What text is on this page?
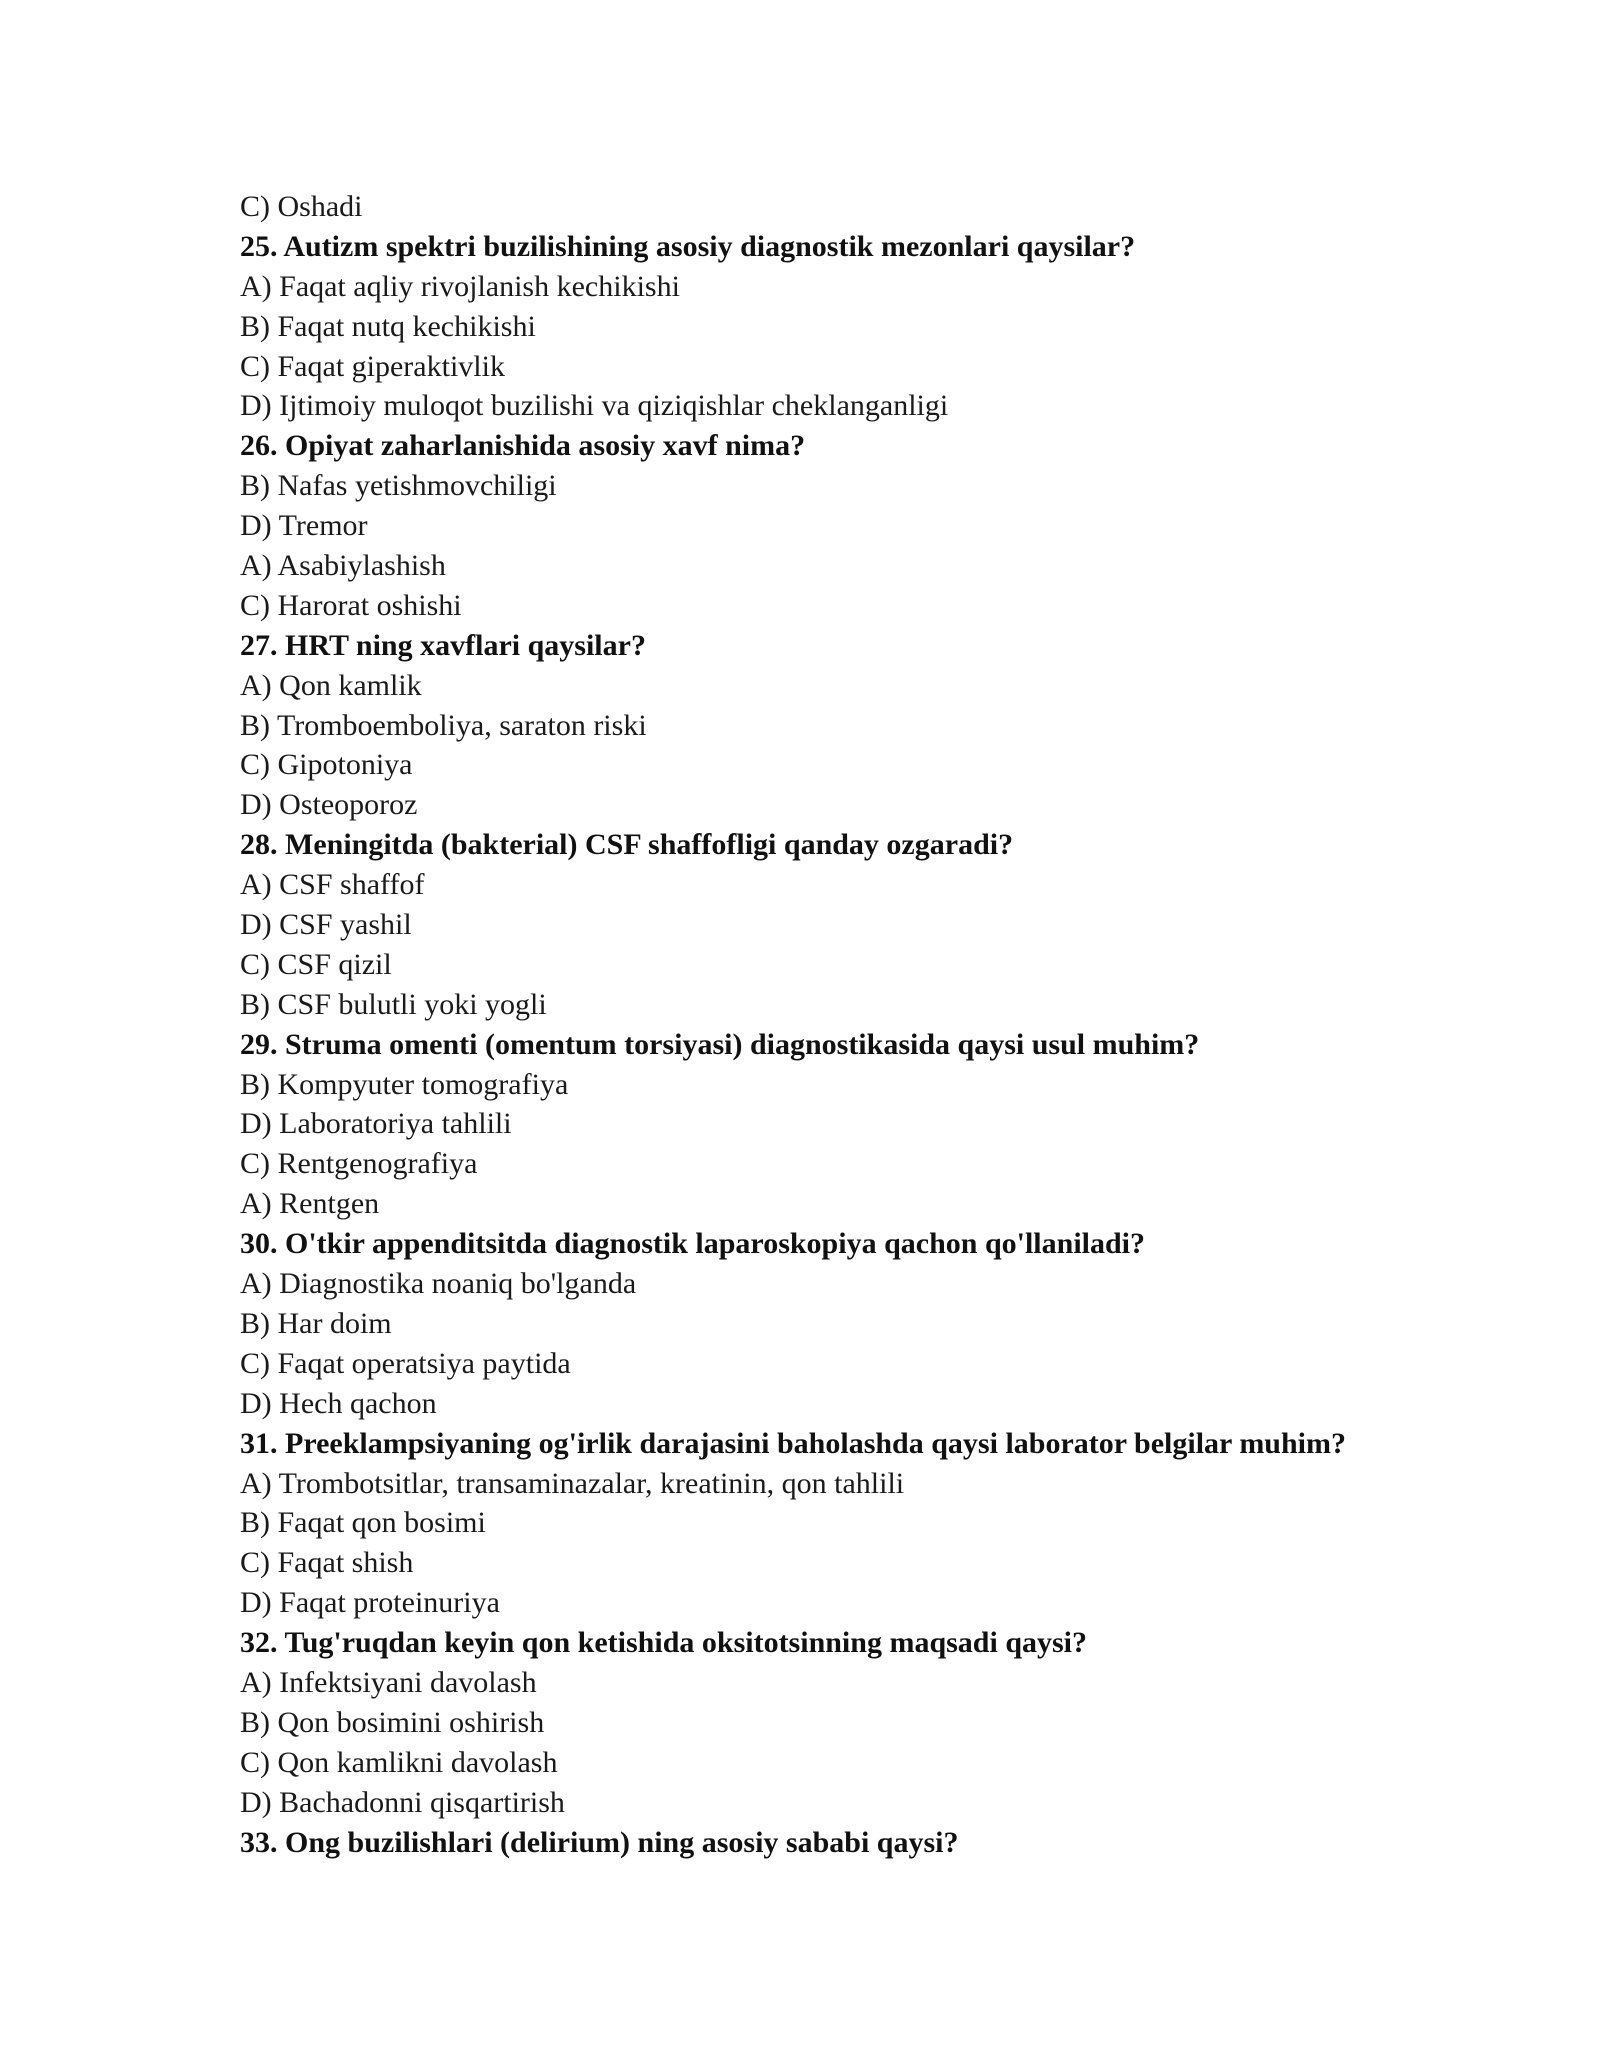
C) Oshadi
25. Autizm spektri buzilishining asosiy diagnostik mezonlari qaysilar?
A) Faqat aqliy rivojlanish kechikishi
B) Faqat nutq kechikishi
C) Faqat giperaktivlik
D) Ijtimoiy muloqot buzilishi va qiziqishlar cheklanganligi
26. Opiyat zaharlanishida asosiy xavf nima?
B) Nafas yetishmovchiligi
D) Tremor
A) Asabiylashish
C) Harorat oshishi
27. HRT ning xavflari qaysilar?
A) Qon kamlik
B) Tromboemboliya, saraton riski
C) Gipotoniya
D) Osteoporoz
28. Meningitda (bakterial) CSF shaffofligi qanday ozgaradi?
A) CSF shaffof
D) CSF yashil
C) CSF qizil
B) CSF bulutli yoki yogli
29. Struma omenti (omentum torsiyasi) diagnostikasida qaysi usul muhim?
B) Kompyuter tomografiya
D) Laboratoriya tahlili
C) Rentgenografiya
A) Rentgen
30. O'tkir appenditsitda diagnostik laparoskopiya qachon qo'llaniladi?
A) Diagnostika noaniq bo'lganda
B) Har doim
C) Faqat operatsiya paytida
D) Hech qachon
31. Preeklampsiyaning og'irlik darajasini baholashda qaysi laborator belgilar muhim?
A) Trombotsitlar, transaminazalar, kreatinin, qon tahlili
B) Faqat qon bosimi
C) Faqat shish
D) Faqat proteinuriya
32. Tug'ruqdan keyin qon ketishida oksitotsinning maqsadi qaysi?
A) Infektsiyani davolash
B) Qon bosimini oshirish
C) Qon kamlikni davolash
D) Bachadonni qisqartirish
33. Ong buzilishlari (delirium) ning asosiy sababi qaysi?
